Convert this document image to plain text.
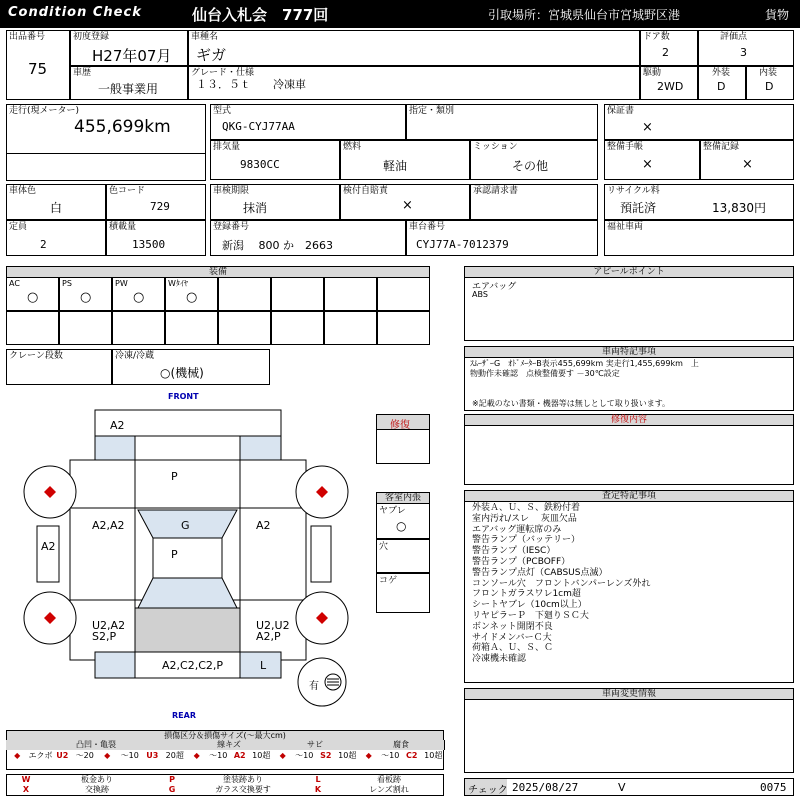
Condition Check	仙台入札会　777回	引取場所：宮城県仙台市宮城野区港	貨物
出品番号
75
初度登録
H27年07月
車種名
ギガ
ドア数
2
評価点
3
車歴
一般事業用
グレード・仕様
１３．５ｔ　　冷凍車
駆動
2WD
外装
D
内装
D
走行(現メーター)
455,699km
型式
QKG-CYJ77AA
指定・類別	保証書
×
排気量
9830CC
燃料
軽油
ミッション
その他
整備手帳
×
整備記録
×
車体色
白
色コード
729
車検期限
抹消
検付自賠責
×
承認請求書	リサイクル料
預託済	13,830円
定員
2
積載量
13500
登録番号
新潟　 800 か　2663
車台番号
CYJ77A-7012379
福祉車両
装備
AC
○
PS
○
PW
○
Wﾀｲﾔ
○
クレーン段数	冷凍/冷蔵
○(機械)
アピールポイント
エアバッグ
ABS
車両特記事項
ｽﾑｰｻﾞｰG　ｵﾄﾞﾒｰﾀｰB表示455,699km 実走行1,455,699km　上
物動作未確認　点検整備要す －30℃設定
※記載のない書類・機器等は無しとして取り扱います。
修復	修復内容
客室内張
ヤブレ
○
穴
コゲ
査定特記事項
外装Ａ、Ｕ、Ｓ、鉄粉付着
室内汚れ/スレ　 灰皿欠品
エアバッグ運転席のみ
警告ランプ（バッテリー）
警告ランプ（IESC）
警告ランプ（PCBOFF）
警告ランプ点灯（CABSUS点滅）
コンソール穴　フロントバンパーレンズ外れ
フロントガラスワレ1cm超
シートヤブレ（10cm以上）
リヤピラーＰ　下廻りＳＣ大
ボンネット開閉不良
サイドメンバーＣ大
荷箱Ａ、Ｕ、Ｓ、Ｃ
冷凍機未確認
車両変更情報
チェック 2025/08/27	V	0075
FRONT
REAR
A2
P
G
A2,A2	A2
A2
P
U2,A2
S2,P
U2,U2
A2,P
A2,C2,C2,P	L
有
損傷区分＆損傷サイズ(～最大cm)
凸凹・亀裂
◆	エクボ U2 ～20	◆	～10 U3 20超
線キズ
◆	～10 A2 10超
サビ
◆	～10 S2 10超
腐食
◆	～10 C2 10超
W	板金あり	P	塗装跡あり	L	看板跡
X	交換跡	G	ガラス交換要す	K	レンズ割れ
